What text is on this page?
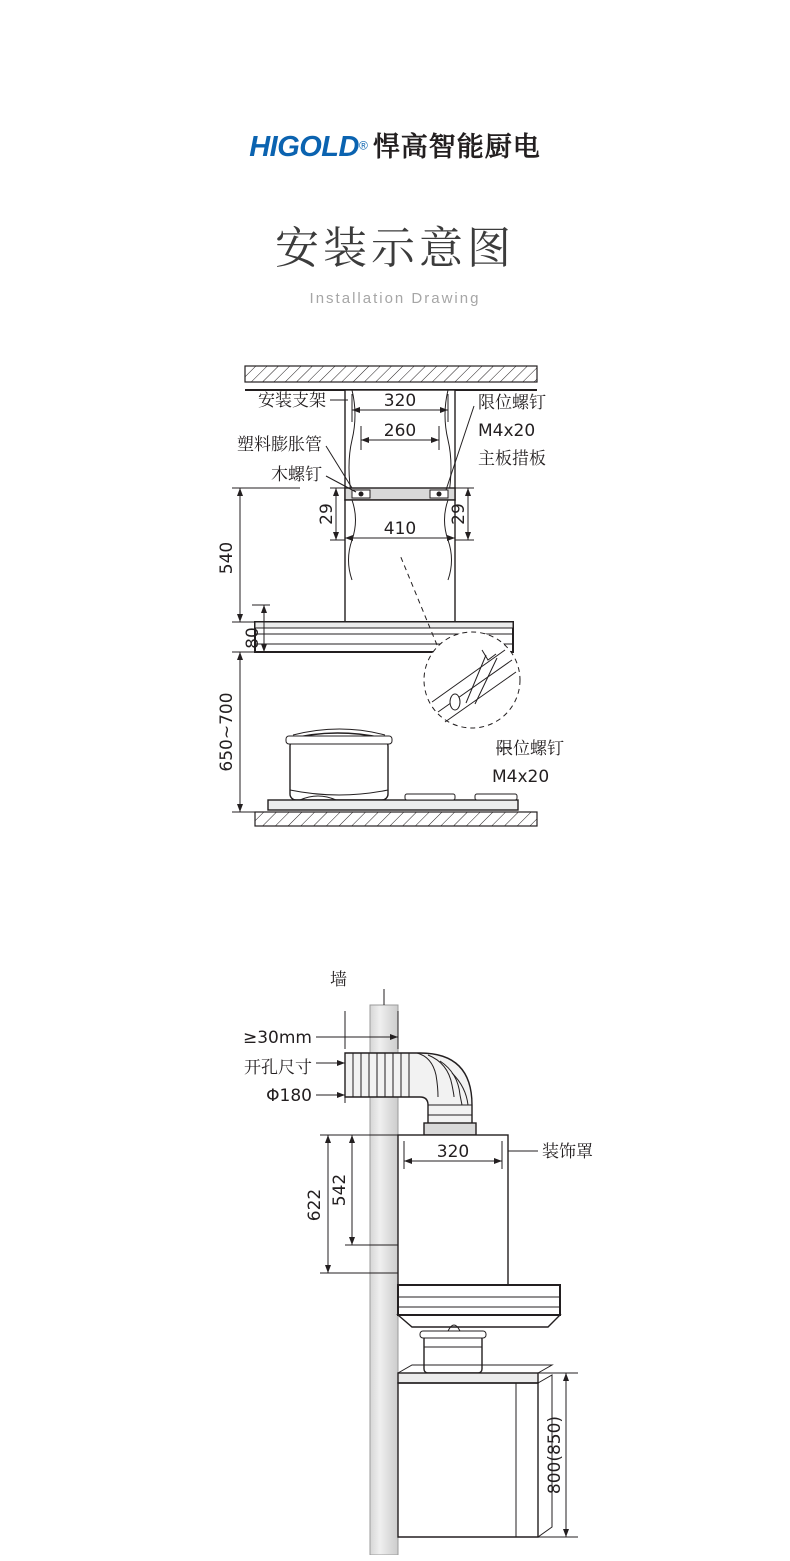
HIGOLD® 悍高智能厨电
安装示意图
Installation Drawing
320
260
410
29	29
540
80
650~700
安装支架
塑料膨胀管
木螺钉
限位螺钉
M4x20
主板措板
限位螺钉
M4x20
墙
≥30mm
开孔尺寸
Φ180
装饰罩
320
542
622
800(850)
